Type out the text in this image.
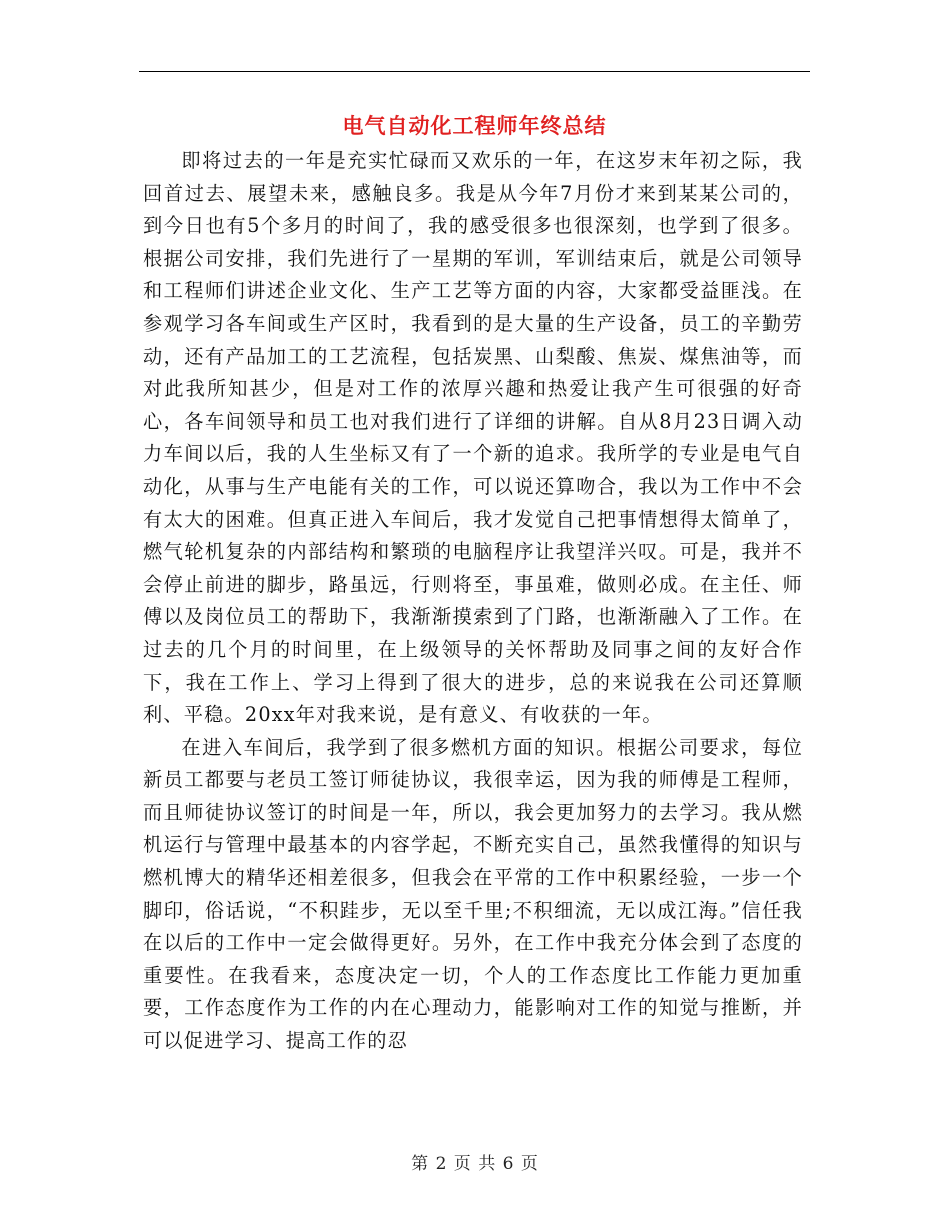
电气自动化工程师年终总结

即将过去的一年是充实忙碌而又欢乐的一年，在这岁末年初之际，我回首过去、展望未来，感触良多。我是从今年7月份才来到某某公司的，到今日也有5个多月的时间了，我的感受很多也很深刻，也学到了很多。根据公司安排，我们先进行了一星期的军训，军训结束后，就是公司领导和工程师们讲述企业文化、生产工艺等方面的内容，大家都受益匪浅。在参观学习各车间或生产区时，我看到的是大量的生产设备，员工的辛勤劳动，还有产品加工的工艺流程，包括炭黑、山梨酸、焦炭、煤焦油等，而对此我所知甚少，但是对工作的浓厚兴趣和热爱让我产生可很强的好奇心，各车间领导和员工也对我们进行了详细的讲解。自从8月23日调入动力车间以后，我的人生坐标又有了一个新的追求。我所学的专业是电气自动化，从事与生产电能有关的工作，可以说还算吻合，我以为工作中不会有太大的困难。但真正进入车间后，我才发觉自己把事情想得太简单了，燃气轮机复杂的内部结构和繁琐的电脑程序让我望洋兴叹。可是，我并不会停止前进的脚步，路虽远，行则将至，事虽难，做则必成。在主任、师傅以及岗位员工的帮助下，我渐渐摸索到了门路，也渐渐融入了工作。在过去的几个月的时间里，在上级领导的关怀帮助及同事之间的友好合作下，我在工作上、学习上得到了很大的进步，总的来说我在公司还算顺利、平稳。20xx年对我来说，是有意义、有收获的一年。

在进入车间后，我学到了很多燃机方面的知识。根据公司要求，每位新员工都要与老员工签订师徒协议，我很幸运，因为我的师傅是工程师，而且师徒协议签订的时间是一年，所以，我会更加努力的去学习。我从燃机运行与管理中最基本的内容学起，不断充实自己，虽然我懂得的知识与燃机博大的精华还相差很多，但我会在平常的工作中积累经验，一步一个脚印，俗话说，“不积跬步，无以至千里;不积细流，无以成江海。”信任我在以后的工作中一定会做得更好。另外，在工作中我充分体会到了态度的重要性。在我看来，态度决定一切，个人的工作态度比工作能力更加重要，工作态度作为工作的内在心理动力，能影响对工作的知觉与推断，并可以促进学习、提高工作的忍

第 2 页 共 6 页
